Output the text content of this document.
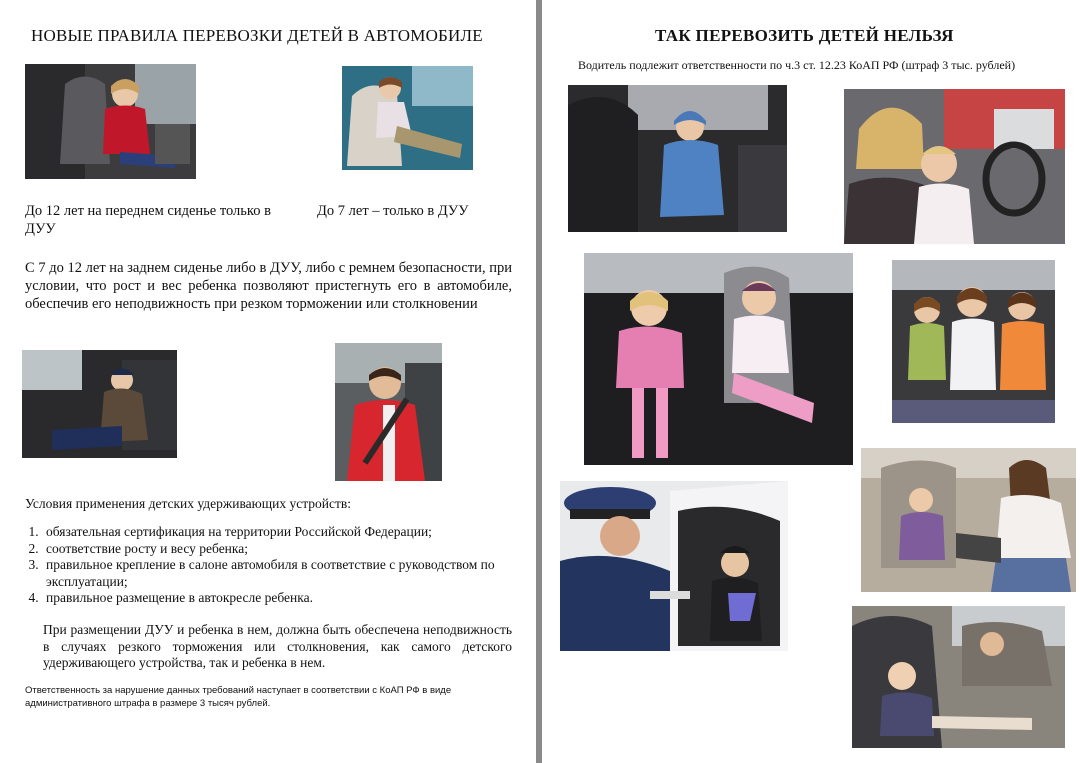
НОВЫЕ ПРАВИЛА ПЕРЕВОЗКИ ДЕТЕЙ В АВТОМОБИЛЕ
До 12 лет на переднем сиденье только в ДУУ
До 7 лет – только в ДУУ
С 7 до 12 лет на заднем сиденье либо в ДУУ, либо с ремнем безопасности, при условии, что рост и вес ребенка позволяют пристегнуть его в автомобиле, обеспечив его неподвижность при резком торможении или столкновении
Условия применения детских удерживающих устройств:
1. обязательная сертификация на территории Российской Федерации;
2. соответствие росту и весу ребенка;
3. правильное крепление в салоне автомобиля в соответствие с руководством по эксплуатации;
4. правильное размещение в автокресле ребенка.
При размещении ДУУ и ребенка в нем, должна быть обеспечена неподвижность в случаях резкого торможения или столкновения, как самого детского удерживающего устройства, так и ребенка в нем.
Ответственность за нарушение данных требований наступает в соответствии с КоАП РФ в виде административного штрафа в размере 3 тысяч рублей.
ТАК ПЕРЕВОЗИТЬ ДЕТЕЙ НЕЛЬЗЯ
Водитель подлежит ответственности по ч.3 ст. 12.23 КоАП РФ (штраф 3 тыс. рублей)
